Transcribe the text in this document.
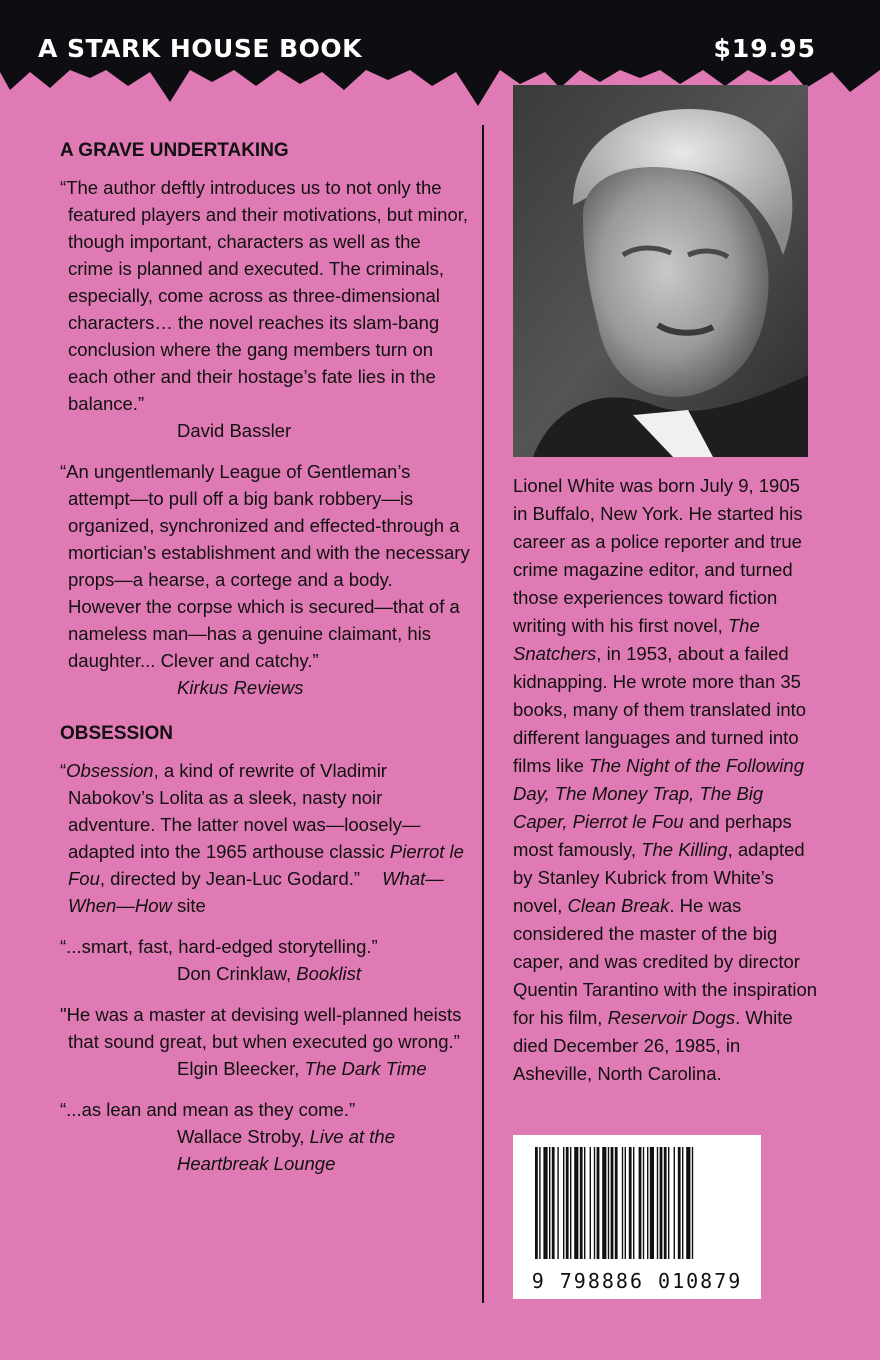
A STARK HOUSE BOOK	$19.95
A GRAVE UNDERTAKING
“The author deftly introduces us to not only the featured players and their motivations, but minor, though important, characters as well as the crime is planned and executed. The criminals, especially, come across as three-dimensional characters… the novel reaches its slam-bang conclusion where the gang members turn on each other and their hostage’s fate lies in the balance.”
David Bassler
“An ungentlemanly League of Gentleman’s attempt—to pull off a big bank robbery—is organized, synchronized and effected-through a mortician’s establishment and with the necessary props—a hearse, a cortege and a body. However the corpse which is secured—that of a nameless man—has a genuine claimant, his daughter... Clever and catchy.”
Kirkus Reviews
OBSESSION
“Obsession, a kind of rewrite of Vladimir Nabokov’s Lolita as a sleek, nasty noir adventure. The latter novel was—loosely—adapted into the 1965 arthouse classic Pierrot le Fou, directed by Jean-Luc Godard.” What—When—How site
“...smart, fast, hard-edged storytelling.”
Don Crinklaw, Booklist
"He was a master at devising well-planned heists that sound great, but when executed go wrong.”
Elgin Bleecker, The Dark Time
“...as lean and mean as they come.”
Wallace Stroby, Live at the Heartbreak Lounge
Lionel White was born July 9, 1905 in Buffalo, New York. He started his career as a police reporter and true crime magazine editor, and turned those experiences toward fiction writing with his first novel, The Snatchers, in 1953, about a failed kidnapping. He wrote more than 35 books, many of them translated into different languages and turned into films like The Night of the Following Day, The Money Trap, The Big Caper, Pierrot le Fou and perhaps most famously, The Killing, adapted by Stanley Kubrick from White’s novel, Clean Break. He was considered the master of the big caper, and was credited by director Quentin Tarantino with the inspiration for his film, Reservoir Dogs. White died December 26, 1985, in Asheville, North Carolina.
9 798886 010879
